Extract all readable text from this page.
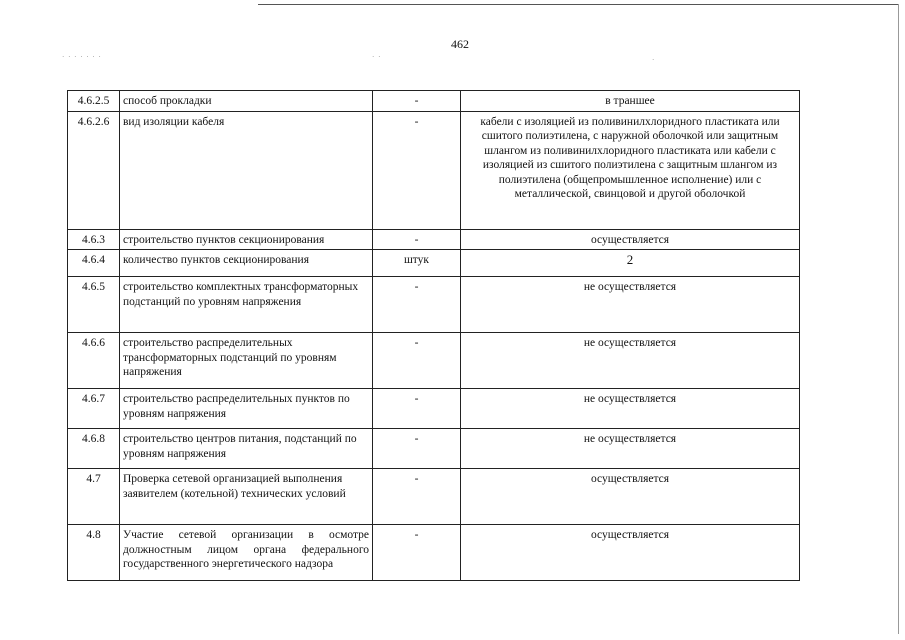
462
· · · · · · ·	· ·	·
4.6.2.5	способ прокладки	-	в траншее
4.6.2.6	вид изоляции кабеля	-	кабели с изоляцией из поливинилхлоридного пластиката или сшитого полиэтилена, с наружной оболочкой или защитным шлангом из поливинилхлоридного пластиката или кабели с изоляцией из сшитого полиэтилена с защитным шлангом из полиэтилена (общепромышленное исполнение) или с металлической, свинцовой и другой оболочкой
4.6.3	строительство пунктов секционирования	-	осуществляется
4.6.4	количество пунктов секционирования	штук	2
4.6.5	строительство комплектных трансформаторных подстанций по уровням напряжения	-	не осуществляется
4.6.6	строительство распределительных трансформаторных подстанций по уровням напряжения	-	не осуществляется
4.6.7	строительство распределительных пунктов по уровням напряжения	-	не осуществляется
4.6.8	строительство центров питания, подстанций по уровням напряжения	-	не осуществляется
4.7	Проверка сетевой организацией выполнения заявителем (котельной) технических условий	-	осуществляется
4.8	Участие сетевой организации в осмотре должностным лицом органа федерального государственного энергетического надзора	-	осуществляется
